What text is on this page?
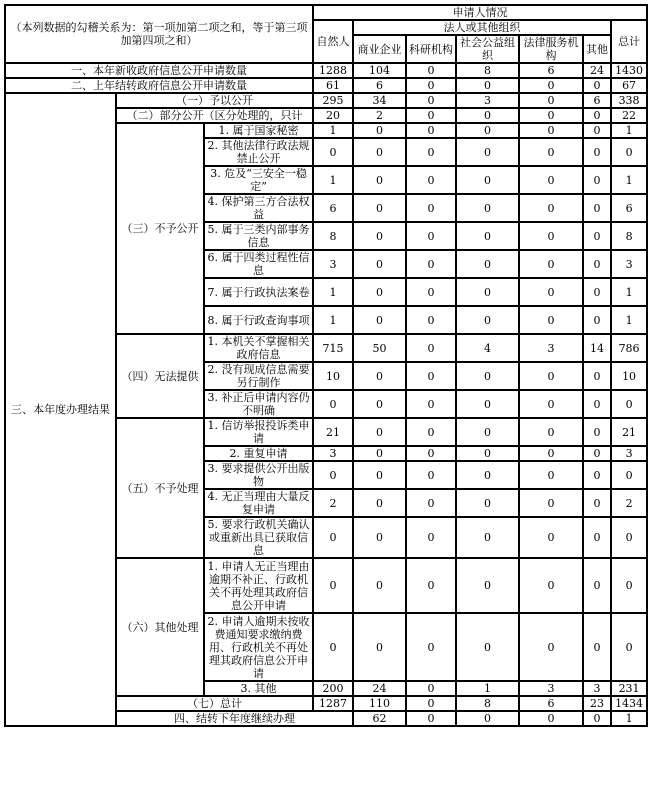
（本列数据的勾稽关系为：第一项加第二项之和，等于第三项加第四项之和）			申请人情况							
			自然人	法人或其他组织					总计	
				商业企业	科研机构	社会公益组织	法律服务机构	其他		
一、本年新收政府信息公开申请数量			1288	104	0	8	6	24	1430	
二、上年结转政府信息公开申请数量			61	6	0	0	0	0	67	
三、本年度办理结果	（一）予以公开		295	34	0	3	0	6	338	
	（二）部分公开（区分处理的，只计		20	2	0	0	0	0	22	
	（三）不予公开	1. 属于国家秘密	1	0	0	0	0	0	1	
		2. 其他法律行政法规禁止公开	0	0	0	0	0	0	0	
		3. 危及“三安全一稳定”	1	0	0	0	0	0	1	
		4. 保护第三方合法权益	6	0	0	0	0	0	6	
		5. 属于三类内部事务信息	8	0	0	0	0	0	8	
		6. 属于四类过程性信息	3	0	0	0	0	0	3	
		7. 属于行政执法案卷	1	0	0	0	0	0	1	
		8. 属于行政查询事项	1	0	0	0	0	0	1	
	（四）无法提供	1. 本机关不掌握相关政府信息	715	50	0	4	3	14	786	
		2. 没有现成信息需要另行制作	10	0	0	0	0	0	10	
		3. 补正后申请内容仍不明确	0	0	0	0	0	0	0	
	（五）不予处理	1. 信访举报投诉类申请	21	0	0	0	0	0	21	
		2. 重复申请	3	0	0	0	0	0	3	
		3. 要求提供公开出版物	0	0	0	0	0	0	0	
		4. 无正当理由大量反复申请	2	0	0	0	0	0	2	
		5. 要求行政机关确认或重新出具已获取信息	0	0	0	0	0	0	0	
	（六）其他处理	1. 申请人无正当理由逾期不补正、行政机关不再处理其政府信息公开申请	0	0	0	0	0	0	0	
		2. 申请人逾期未按收费通知要求缴纳费用、行政机关不再处理其政府信息公开申请	0	0	0	0	0	0	0	
		3. 其他	200	24	0	1	3	3	231	
	（七）总计		1287	110	0	8	6	23	1434	
	四、结转下年度继续办理			62	0	0	0	0	1	
